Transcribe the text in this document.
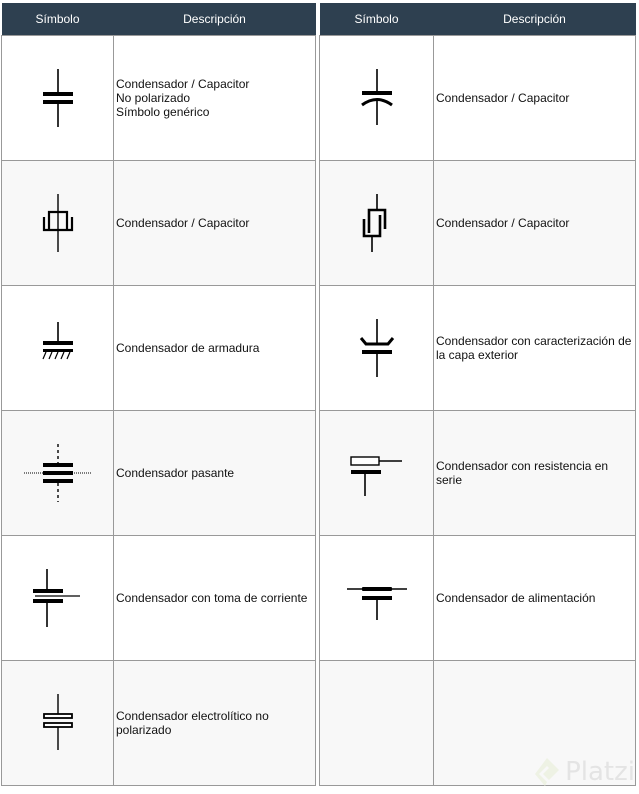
Símbolo	Descripción

Condensador / Capacitor
No polarizado
Símbolo genérico

Condensador / Capacitor

Condensador de armadura

Condensador pasante

Condensador con toma de corriente

Condensador electrolítico no
polarizado
Símbolo	Descripción

Condensador / Capacitor

Condensador / Capacitor

Condensador con caracterización de
la capa exterior

Condensador con resistencia en
serie

Condensador de alimentación

Platzi
